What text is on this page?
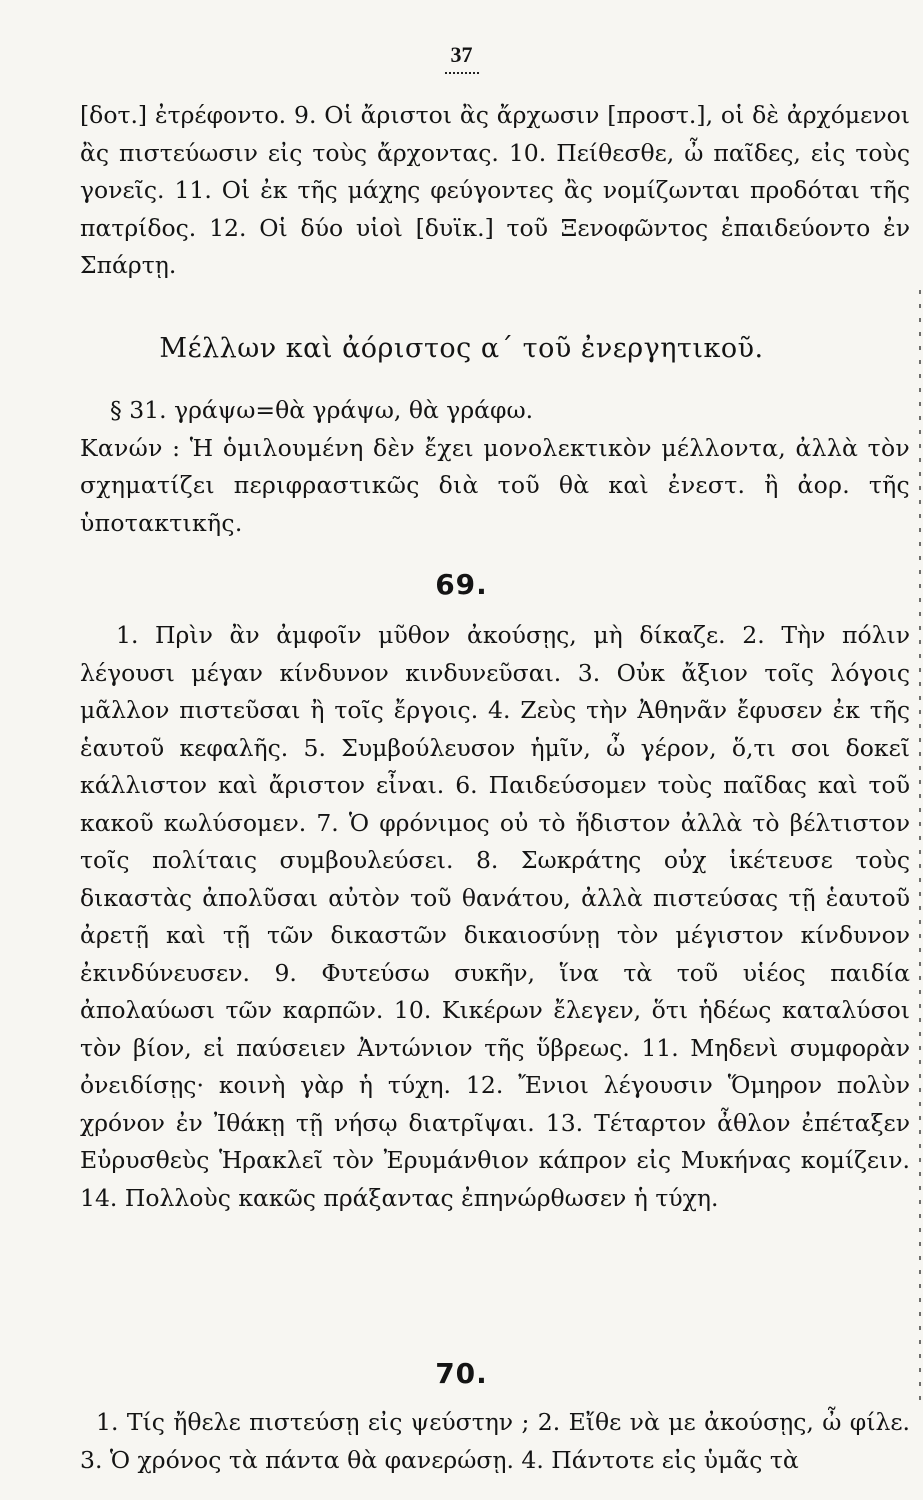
37

[δοτ.] ἐτρέφοντο. 9. Οἱ ἄριστοι ἂς ἄρχωσιν [προστ.], οἱ δὲ ἀρχόμενοι ἂς πιστεύωσιν εἰς τοὺς ἄρχοντας. 10. Πείθεσθε, ὦ παῖδες, εἰς τοὺς γονεῖς. 11. Οἱ ἐκ τῆς μάχης φεύγοντες ἂς νομίζωνται προδόται τῆς πατρίδος. 12. Οἱ δύο υἱοὶ [δυϊκ.] τοῦ Ξενοφῶντος ἐπαιδεύοντο ἐν Σπάρτῃ.

Μέλλων καὶ ἀόριστος α΄ τοῦ ἐνεργητικοῦ.

§ 31. γράψω=θὰ γράψω, θὰ γράφω.

Κανών : Ἡ ὁμιλουμένη δὲν ἔχει μονολεκτικὸν μέλλοντα, ἀλλὰ τὸν σχηματίζει περιφραστικῶς διὰ τοῦ θὰ καὶ ἐνεστ. ἢ ἀορ. τῆς ὑποτακτικῆς.

69.

1. Πρὶν ἂν ἀμφοῖν μῦθον ἀκούσῃς, μὴ δίκαζε. 2. Τὴν πόλιν λέγουσι μέγαν κίνδυνον κινδυνεῦσαι. 3. Οὐκ ἄξιον τοῖς λόγοις μᾶλλον πιστεῦσαι ἢ τοῖς ἔργοις. 4. Ζεὺς τὴν Ἀθηνᾶν ἔφυσεν ἐκ τῆς ἑαυτοῦ κεφαλῆς. 5. Συμβούλευσον ἡμῖν, ὦ γέρον, ὅ,τι σοι δοκεῖ κάλλιστον καὶ ἄριστον εἶναι. 6. Παιδεύσομεν τοὺς παῖδας καὶ τοῦ κακοῦ κωλύσομεν. 7. Ὁ φρόνιμος οὐ τὸ ἥδιστον ἀλλὰ τὸ βέλτιστον τοῖς πολίταις συμβουλεύσει. 8. Σωκράτης οὐχ ἱκέτευσε τοὺς δικαστὰς ἀπολῦσαι αὐτὸν τοῦ θανάτου, ἀλλὰ πιστεύσας τῇ ἑαυτοῦ ἀρετῇ καὶ τῇ τῶν δικαστῶν δικαιοσύνῃ τὸν μέγιστον κίνδυνον ἐκινδύνευσεν. 9. Φυτεύσω συκῆν, ἵνα τὰ τοῦ υἱέος παιδία ἀπολαύωσι τῶν καρπῶν. 10. Κικέρων ἔλεγεν, ὅτι ἡδέως καταλύσοι τὸν βίον, εἰ παύσειεν Ἀντώνιον τῆς ὕβρεως. 11. Μηδενὶ συμφορὰν ὀνειδίσῃς· κοινὴ γὰρ ἡ τύχη. 12. Ἔνιοι λέγουσιν Ὅμηρον πολὺν χρόνον ἐν Ἰθάκῃ τῇ νήσῳ διατρῖψαι. 13. Τέταρτον ἆθλον ἐπέταξεν Εὐρυσθεὺς Ἡρακλεῖ τὸν Ἐρυμάνθιον κάπρον εἰς Μυκήνας κομίζειν. 14. Πολλοὺς κακῶς πράξαντας ἐπηνώρθωσεν ἡ τύχη.

70.

1. Τίς ἤθελε πιστεύσῃ εἰς ψεύστην ; 2. Εἴθε νὰ με ἀκούσῃς, ὦ φίλε. 3. Ὁ χρόνος τὰ πάντα θὰ φανερώσῃ. 4. Πάντοτε εἰς ὑμᾶς τὰ
